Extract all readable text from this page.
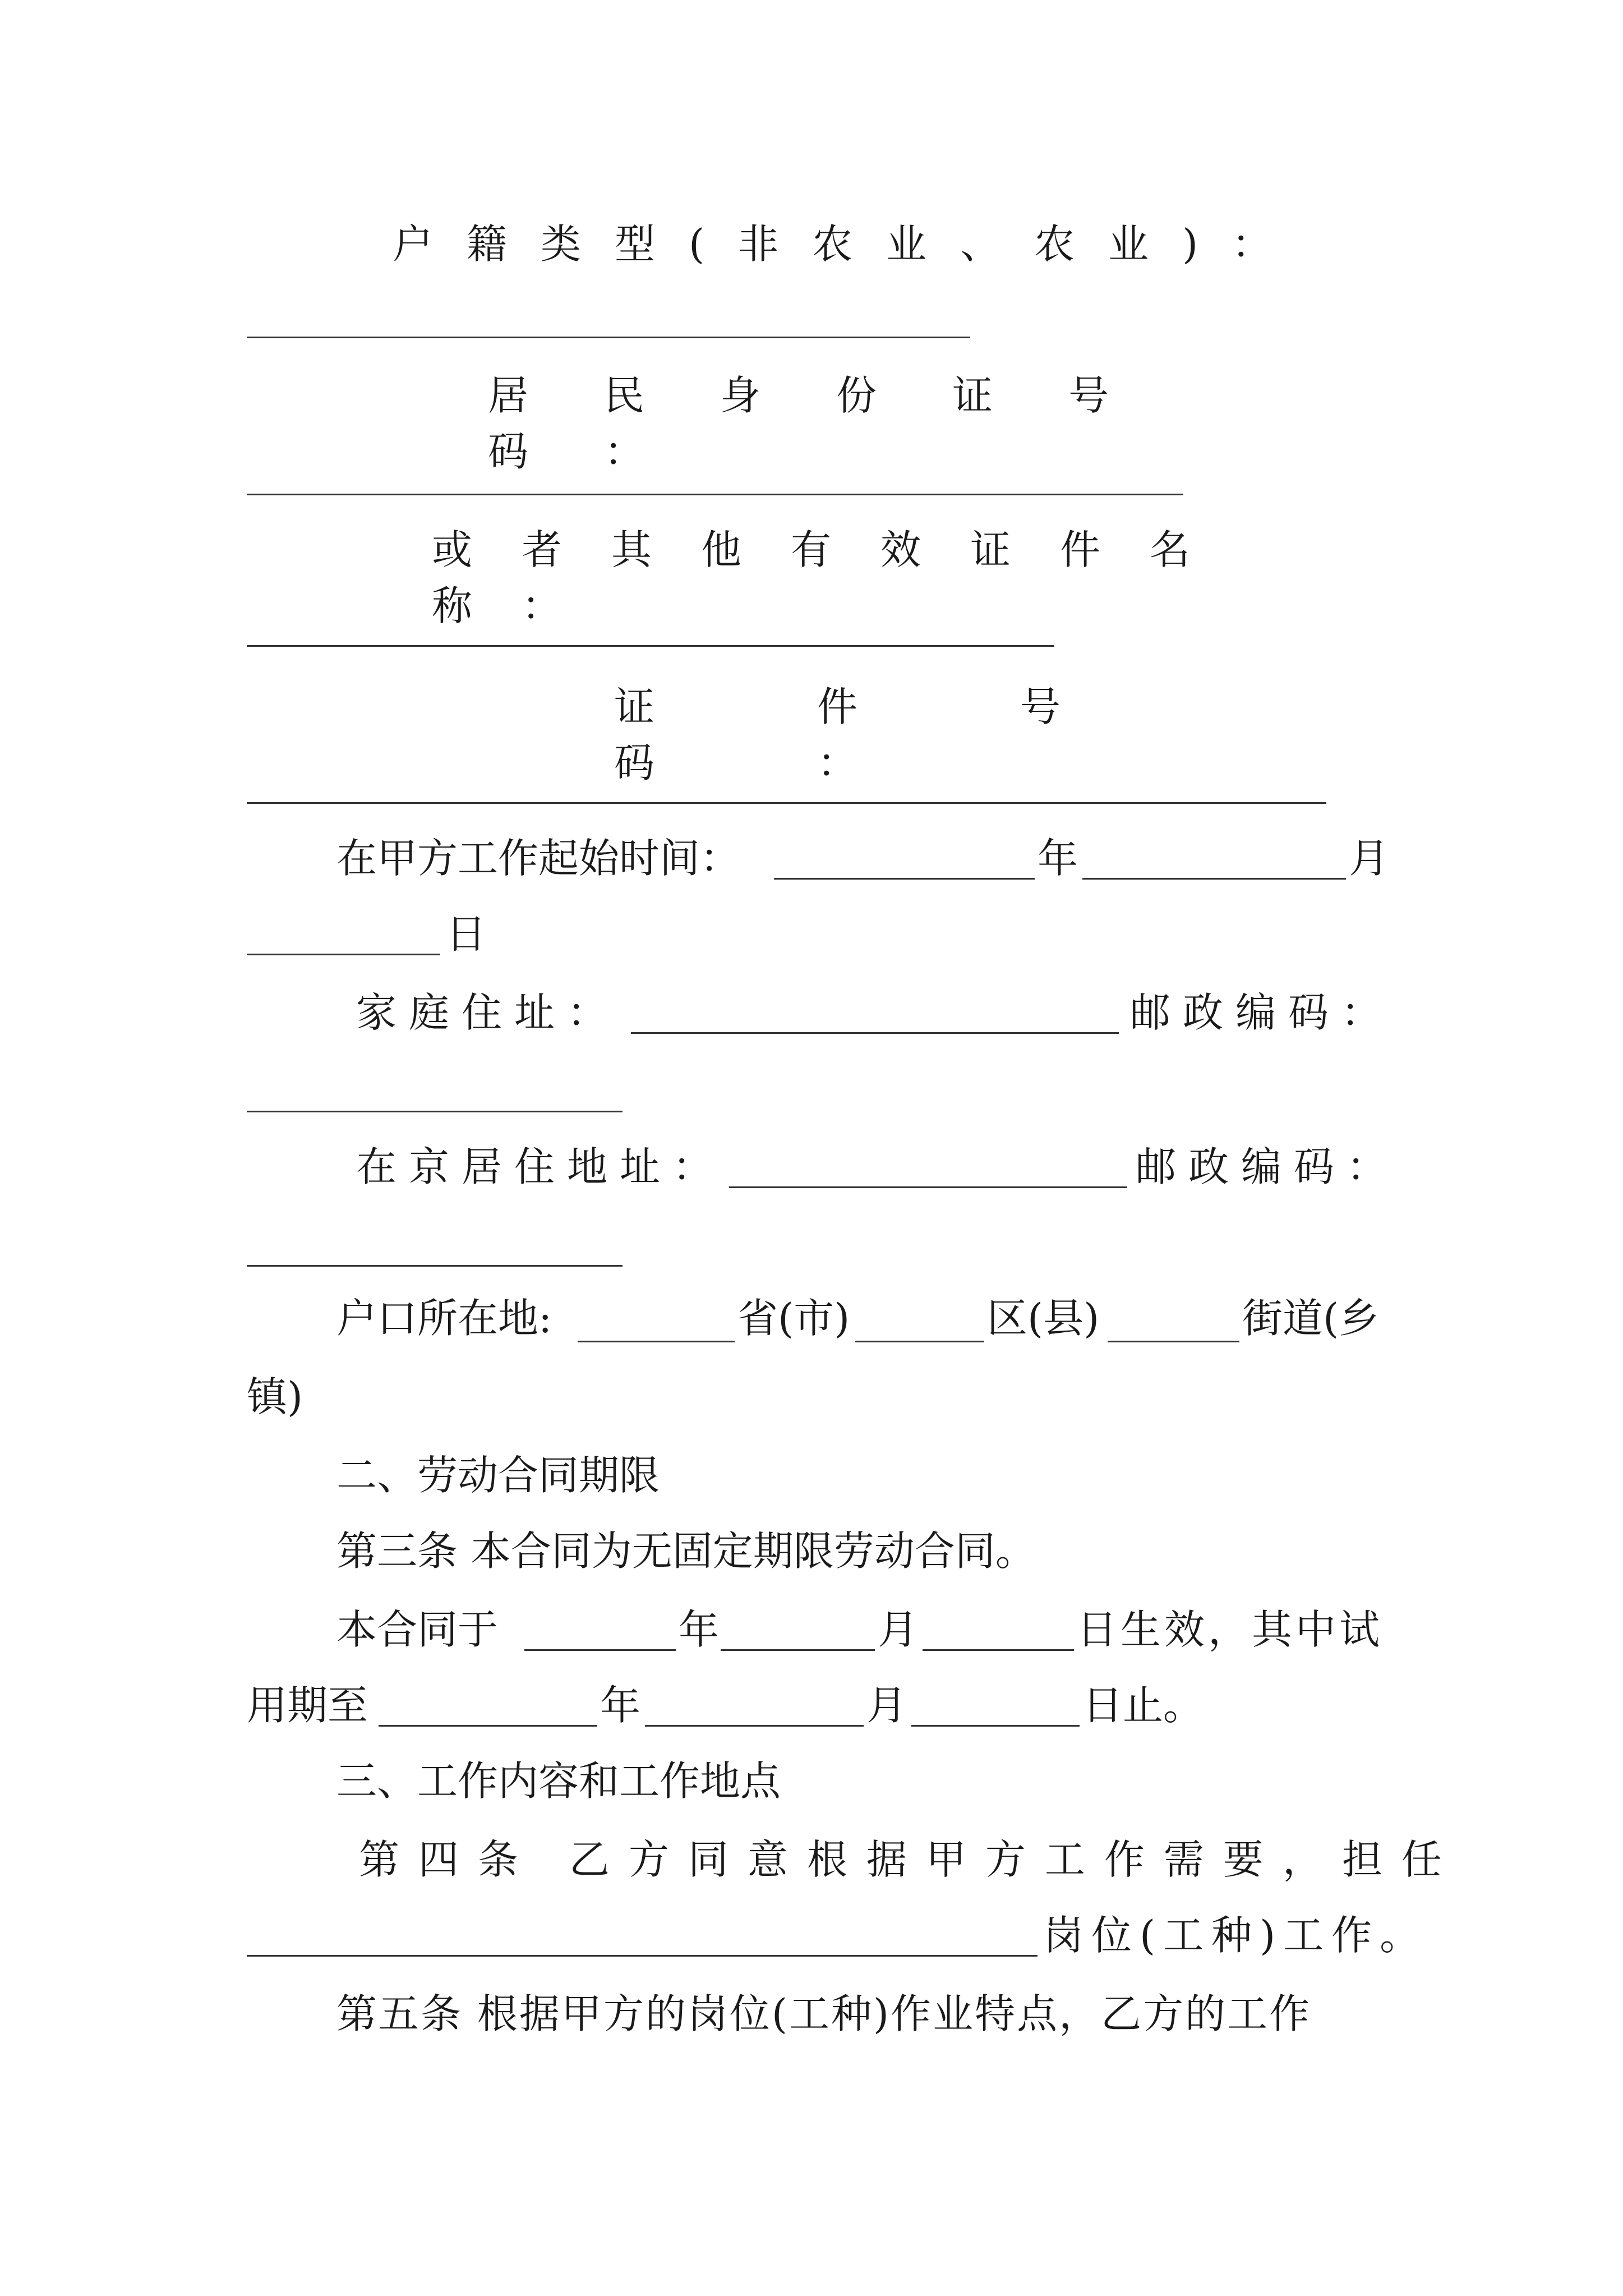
户籍类型(非农业、农业)：
居民身份证号码：
或者其他有效证件名称：
证件号码：
在甲方工作起始时间：	年	月
日
家庭住址：	邮政编码：
在京居住地址：	邮政编码：
户口所在地:	省(市)	区(县)	街道(乡
镇)
二、劳动合同期限
第三条 本合同为无固定期限劳动合同。
本合同于	年	月	日生效，其中试
用期至	年	月	日止。
三、工作内容和工作地点
第四条 乙方同意根据甲方工作需要，担任
岗位(工种)工作。
第五条 根据甲方的岗位(工种)作业特点，乙方的工作
